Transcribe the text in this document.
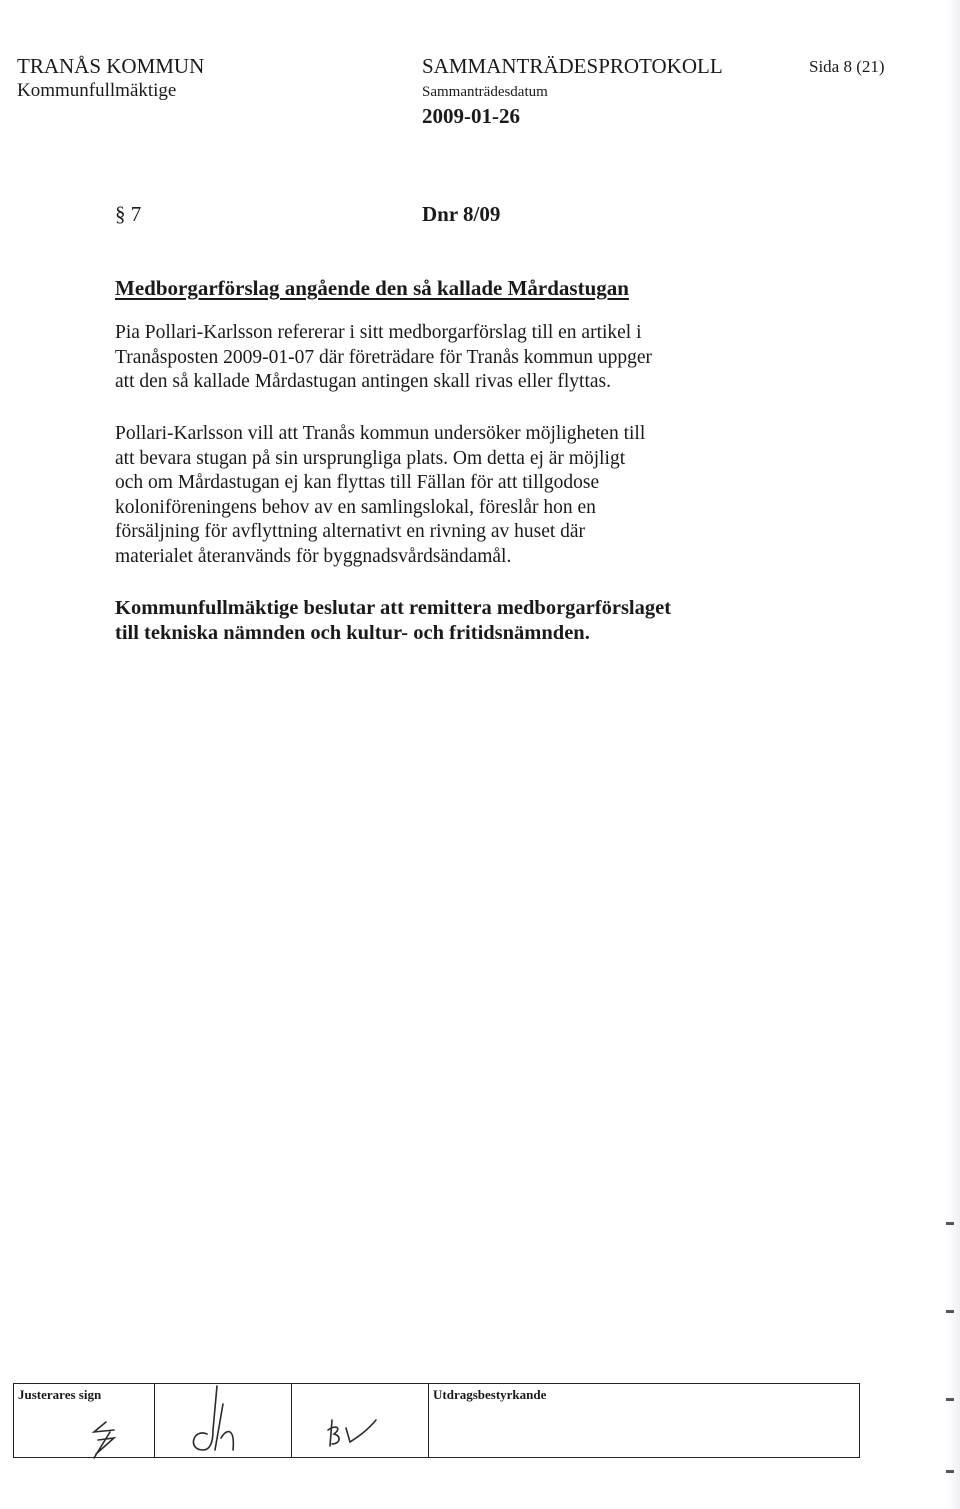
TRANÅS KOMMUN
Kommunfullmäktige
SAMMANTRÄDESPROTOKOLL
Sammanträdesdatum
2009-01-26
Sida 8 (21)
§ 7	Dnr 8/09
Medborgarförslag angående den så kallade Mårdastugan
Pia Pollari-Karlsson refererar i sitt medborgarförslag till en artikel i
Tranåsposten 2009-01-07 där företrädare för Tranås kommun uppger
att den så kallade Mårdastugan antingen skall rivas eller flyttas.
Pollari-Karlsson vill att Tranås kommun undersöker möjligheten till
att bevara stugan på sin ursprungliga plats. Om detta ej är möjligt
och om Mårdastugan ej kan flyttas till Fällan för att tillgodose
koloniföreningens behov av en samlingslokal, föreslår hon en
försäljning för avflyttning alternativt en rivning av huset där
materialet återanvänds för byggnadsvårdsändamål.
Kommunfullmäktige beslutar att remittera medborgarförslaget
till tekniska nämnden och kultur- och fritidsnämnden.
Justerares sign			Utdragsbestyrkande
